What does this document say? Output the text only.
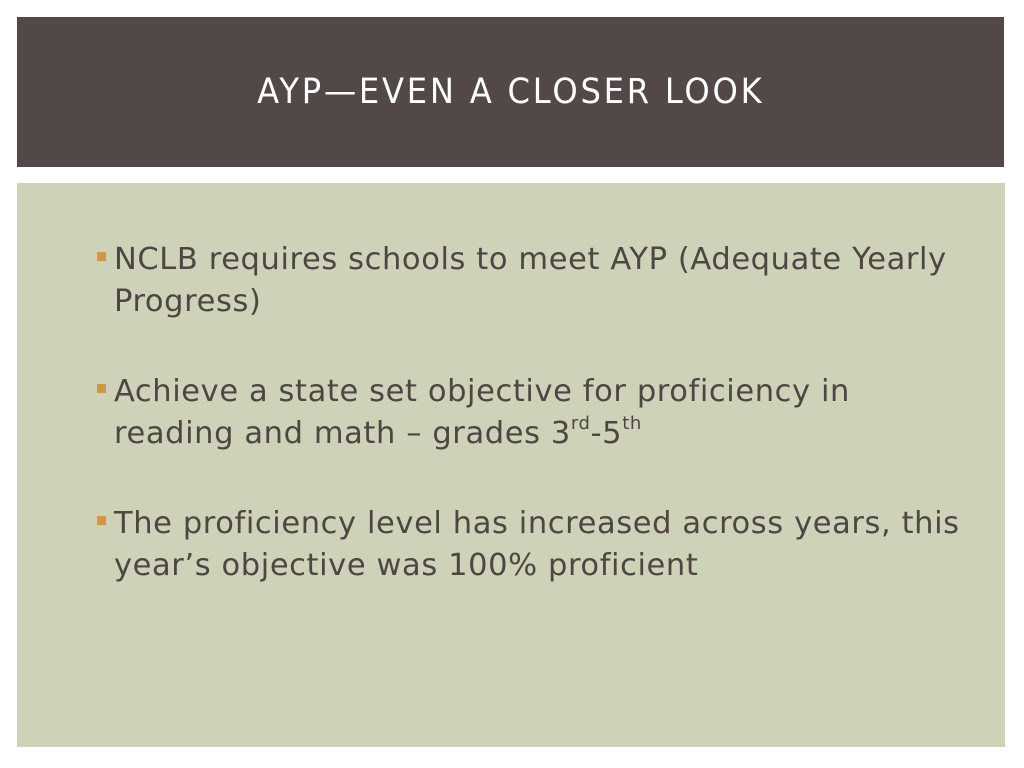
AYP—EVEN A CLOSER LOOK
NCLB requires schools to meet AYP (Adequate Yearly Progress)
Achieve a state set objective for proficiency in reading and math – grades 3rd-5th
The proficiency level has increased across years, this year’s objective was 100% proficient
